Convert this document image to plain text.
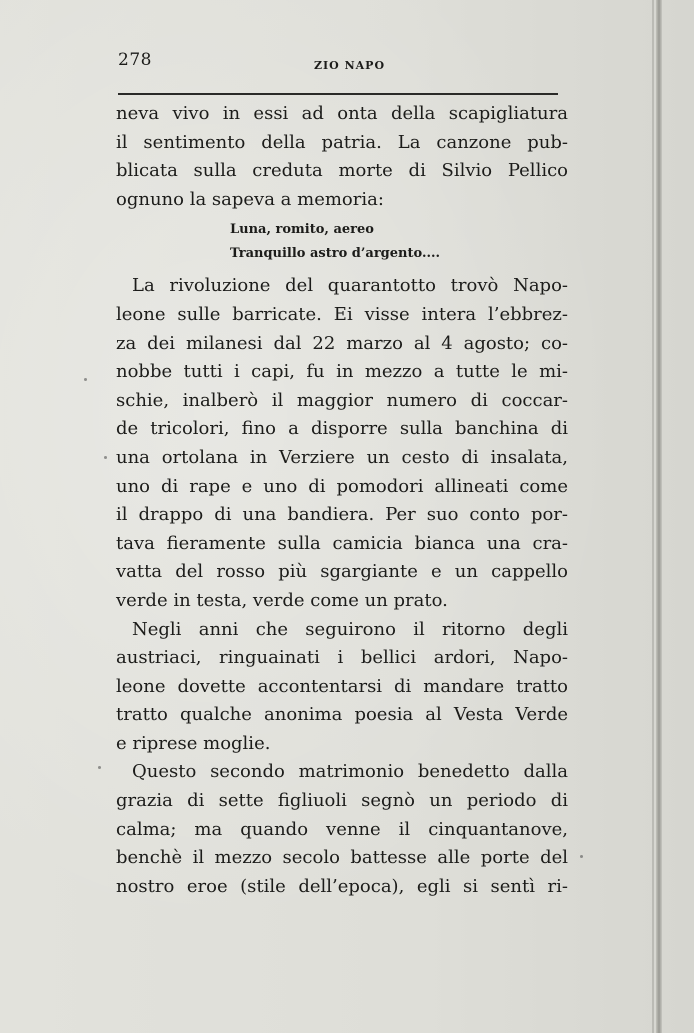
278	ZIO NAPO
neva vivo in essi ad onta della scapigliatura
il sentimento della patria. La canzone pub-
blicata sulla creduta morte di Silvio Pellico
ognuno la sapeva a memoria:
Luna, romito, aereo
Tranquillo astro d’argento....
La rivoluzione del quarantotto trovò Napo-
leone sulle barricate. Ei visse intera l’ebbrez-
za dei milanesi dal 22 marzo al 4 agosto; co-
nobbe tutti i capi, fu in mezzo a tutte le mi-
schie, inalberò il maggior numero di coccar-
de tricolori, fino a disporre sulla banchina di
una ortolana in Verziere un cesto di insalata,
uno di rape e uno di pomodori allineati come
il drappo di una bandiera. Per suo conto por-
tava fieramente sulla camicia bianca una cra-
vatta del rosso più sgargiante e un cappello
verde in testa, verde come un prato.
Negli anni che seguirono il ritorno degli
austriaci, ringuainati i bellici ardori, Napo-
leone dovette accontentarsi di mandare tratto
tratto qualche anonima poesia al Vesta Verde
e riprese moglie.
Questo secondo matrimonio benedetto dalla
grazia di sette figliuoli segnò un periodo di
calma; ma quando venne il cinquantanove,
benchè il mezzo secolo battesse alle porte del
nostro eroe (stile dell’epoca), egli si sentì ri-
